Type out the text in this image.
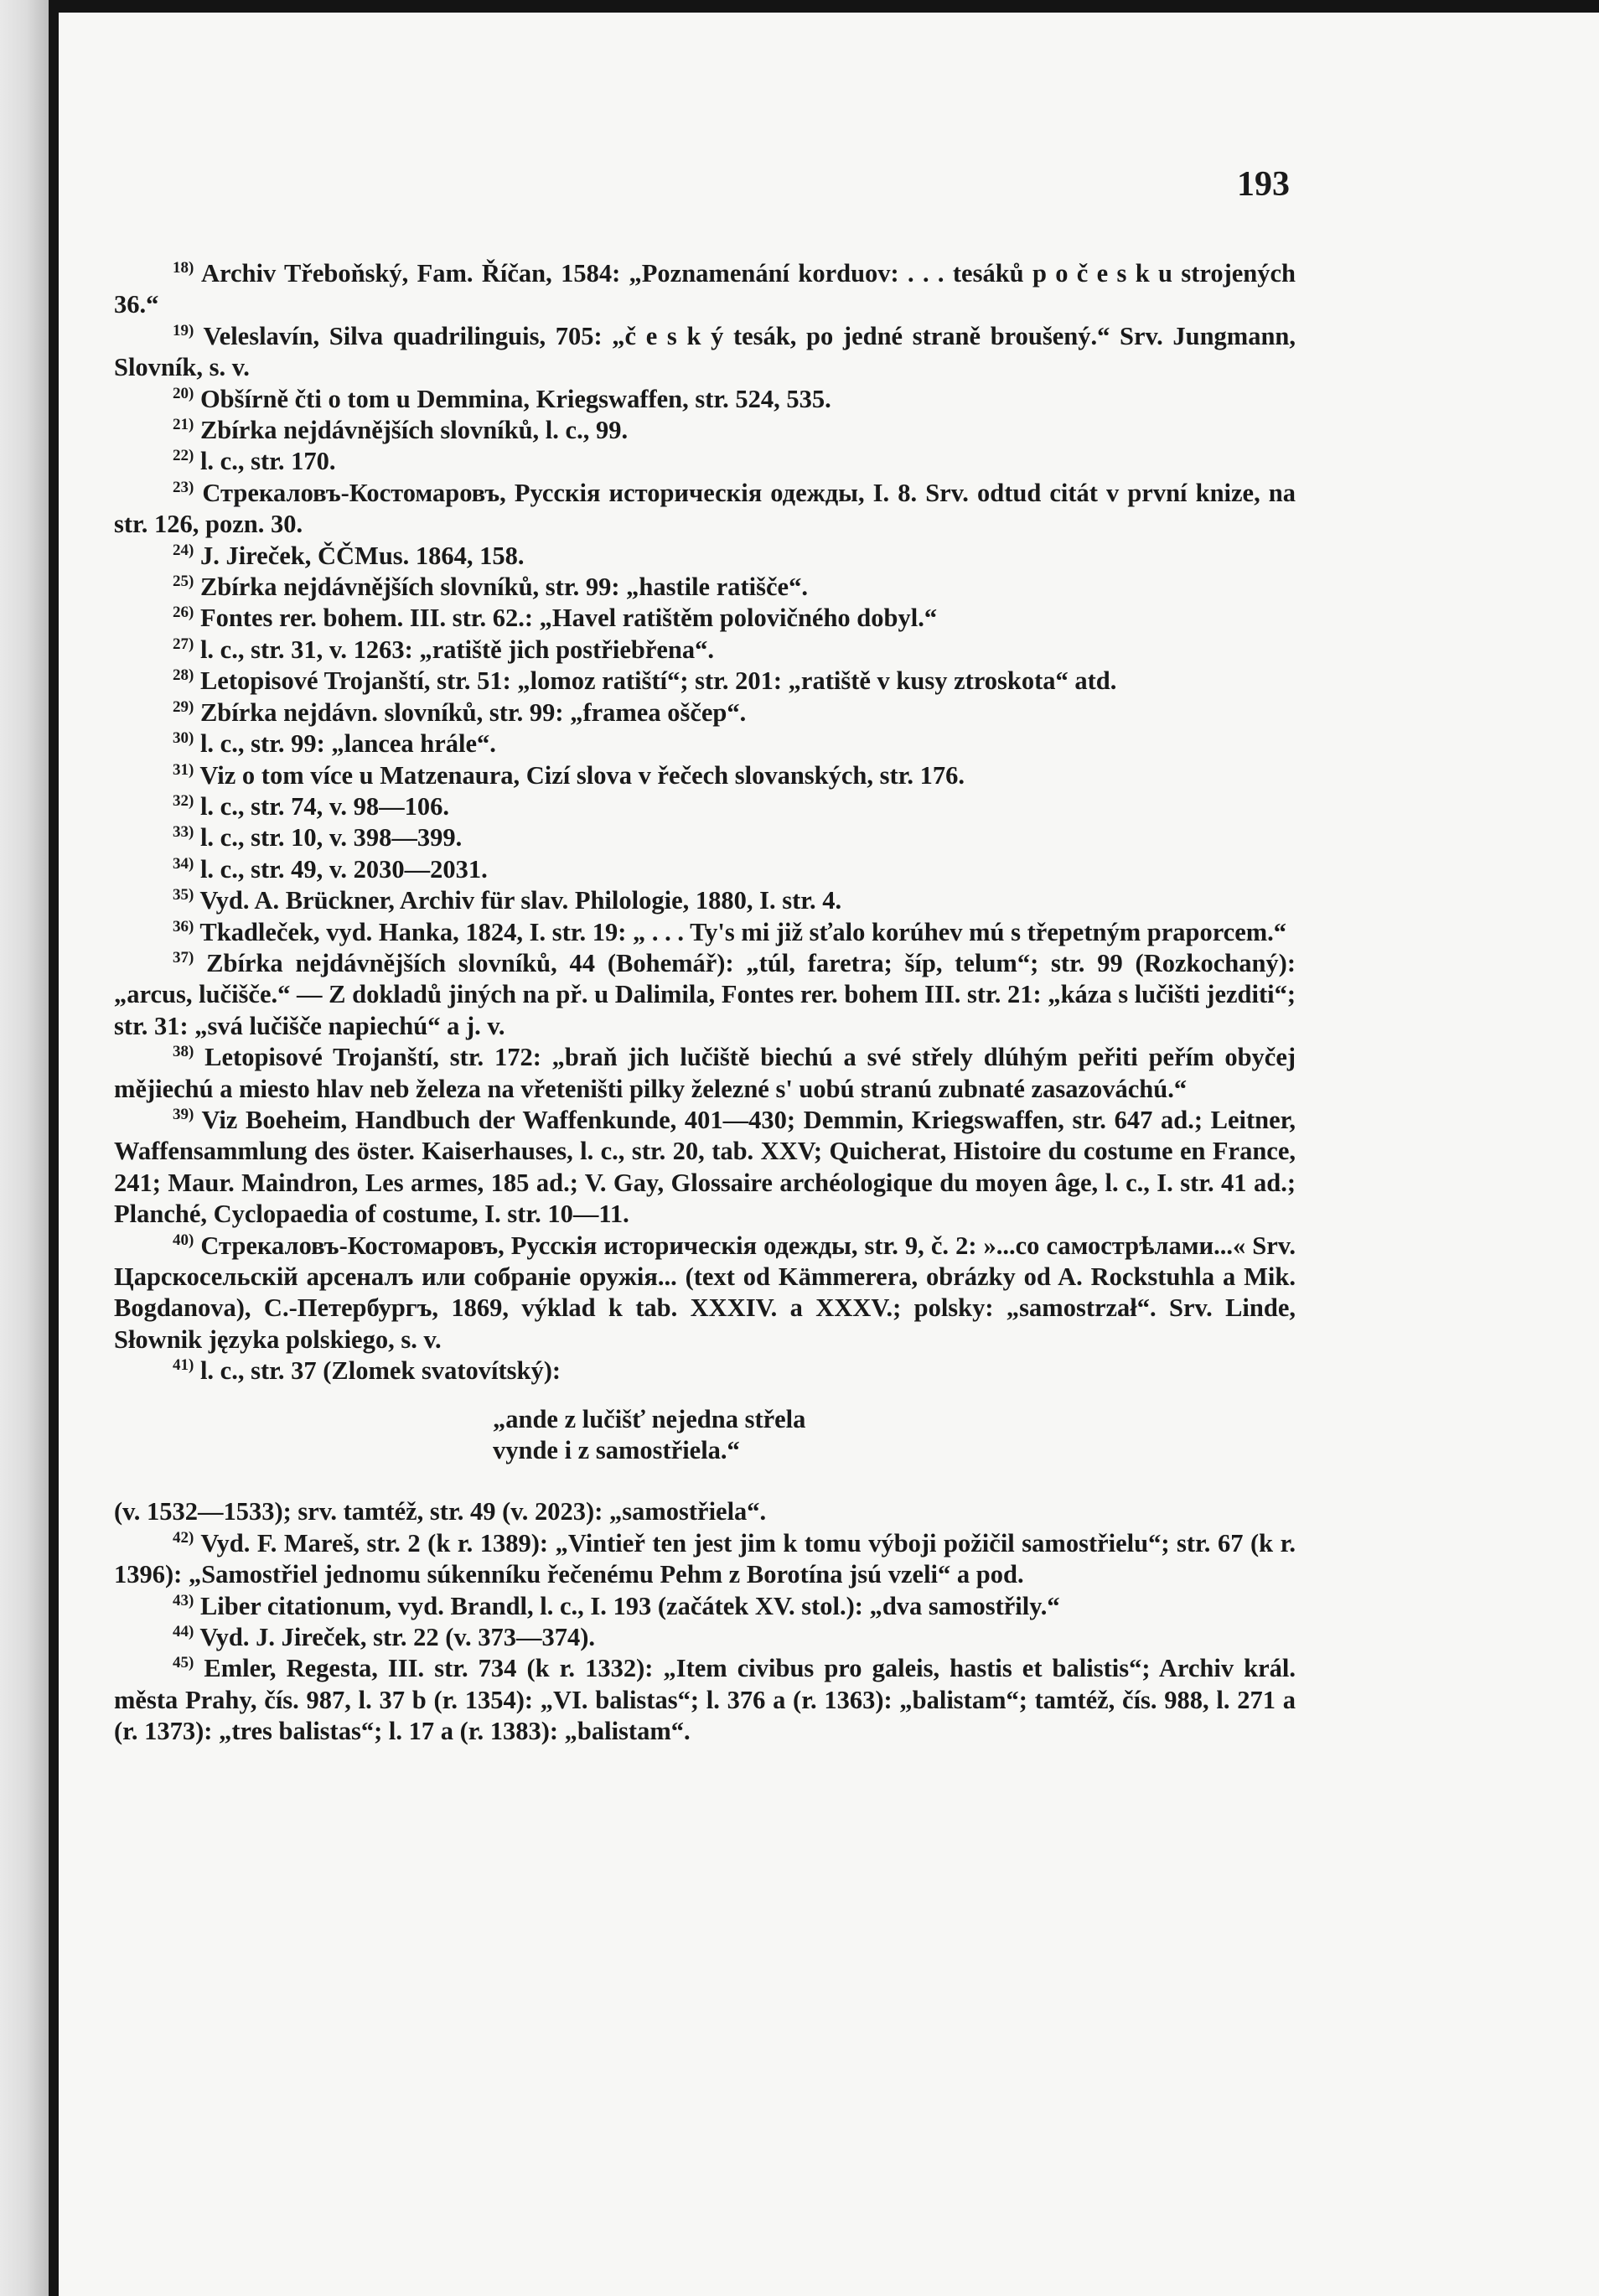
193

$^{18)}$ Archiv Třeboňský, Fam. Říčan, 1584: „Poznamenání korduov: . . . tesáků p o č e s k u strojených 36.“

$^{19)}$ Veleslavín, Silva quadrilinguis, 705: „č e s k ý tesák, po jedné straně broušený.“ Srv. Jungmann, Slovník, s. v.

$^{20)}$ Obšírně čti o tom u Demmina, Kriegswaffen, str. 524, 535.

$^{21)}$ Zbírka nejdávnějších slovníků, l. c., 99.

$^{22)}$ l. c., str. 170.

$^{23)}$ Стрекаловъ-Костомаровъ, Русскія историческія одежды, I. 8. Srv. odtud citát v první knize, na str. 126, pozn. 30.

$^{24)}$ J. Jireček, ČČMus. 1864, 158.

$^{25)}$ Zbírka nejdávnějších slovníků, str. 99: „hastile ratišče“.

$^{26)}$ Fontes rer. bohem. III. str. 62.: „Havel ratištěm polovičného dobyl.“

$^{27)}$ l. c., str. 31, v. 1263: „ratiště jich postřiebřena“.

$^{28)}$ Letopisové Trojanští, str. 51: „lomoz ratiští“; str. 201: „ratiště v kusy ztroskota“ atd.

$^{29)}$ Zbírka nejdávn. slovníků, str. 99: „framea oščep“.

$^{30)}$ l. c., str. 99: „lancea hrále“.

$^{31)}$ Viz o tom více u Matzenaura, Cizí slova v řečech slovanských, str. 176.

$^{32)}$ l. c., str. 74, v. 98—106.

$^{33)}$ l. c., str. 10, v. 398—399.

$^{34)}$ l. c., str. 49, v. 2030—2031.

$^{35)}$ Vyd. A. Brückner, Archiv für slav. Philologie, 1880, I. str. 4.

$^{36)}$ Tkadleček, vyd. Hanka, 1824, I. str. 19: „ . . . Ty's mi již sťalo korúhev mú s třepetným praporcem.“

$^{37)}$ Zbírka nejdávnějších slovníků, 44 (Bohemář): „túl, faretra; šíp, telum“; str. 99 (Rozkochaný): „arcus, lučišče.“ — Z dokladů jiných na př. u Dalimila, Fontes rer. bohem III. str. 21: „káza s lučišti jezditi“; str. 31: „svá lučišče napiechú“ a j. v.

$^{38)}$ Letopisové Trojanští, str. 172: „braň jich lučiště biechú a své střely dlúhým peřiti peřím obyčej mějiechú a miesto hlav neb železa na vřeteništi pilky železné s' uobú stranú zubnaté zasazováchú.“

$^{39)}$ Viz Boeheim, Handbuch der Waffenkunde, 401—430; Demmin, Kriegswaffen, str. 647 ad.; Leitner, Waffensammlung des öster. Kaiserhauses, l. c., str. 20, tab. XXV; Quicherat, Histoire du costume en France, 241; Maur. Maindron, Les armes, 185 ad.; V. Gay, Glossaire archéologique du moyen âge, l. c., I. str. 41 ad.; Planché, Cyclopaedia of costume, I. str. 10—11.

$^{40)}$ Стрекаловъ-Костомаровъ, Русскія историческія одежды, str. 9, č. 2: »...со самострѣлами...« Srv. Царскосельскій арсеналъ или собраніе оружія... (text od Kämmerera, obrázky od A. Rockstuhla a Mik. Bogdanova), С.-Петербургъ, 1869, výklad k tab. XXXIV. a XXXV.; polsky: „samostrzał“. Srv. Linde, Słownik języka polskiego, s. v.

$^{41)}$ l. c., str. 37 (Zlomek svatovítský):

„ande z lučišť nejedna střela
vynde i z samostřiela.“

(v. 1532—1533); srv. tamtéž, str. 49 (v. 2023): „samostřiela“.

$^{42)}$ Vyd. F. Mareš, str. 2 (k r. 1389): „Vintieř ten jest jim k tomu výboji požičil samostřielu“; str. 67 (k r. 1396): „Samostřiel jednomu súkenníku řečenému Pehm z Borotína jsú vzeli“ a pod.

$^{43)}$ Liber citationum, vyd. Brandl, l. c., I. 193 (začátek XV. stol.): „dva samostřily.“

$^{44)}$ Vyd. J. Jireček, str. 22 (v. 373—374).

$^{45)}$ Emler, Regesta, III. str. 734 (k r. 1332): „Item civibus pro galeis, hastis et balistis“; Archiv král. města Prahy, čís. 987, l. 37 b (r. 1354): „VI. balistas“; l. 376 a (r. 1363): „balistam“; tamtéž, čís. 988, l. 271 a (r. 1373): „tres balistas“; l. 17 a (r. 1383): „balistam“.
